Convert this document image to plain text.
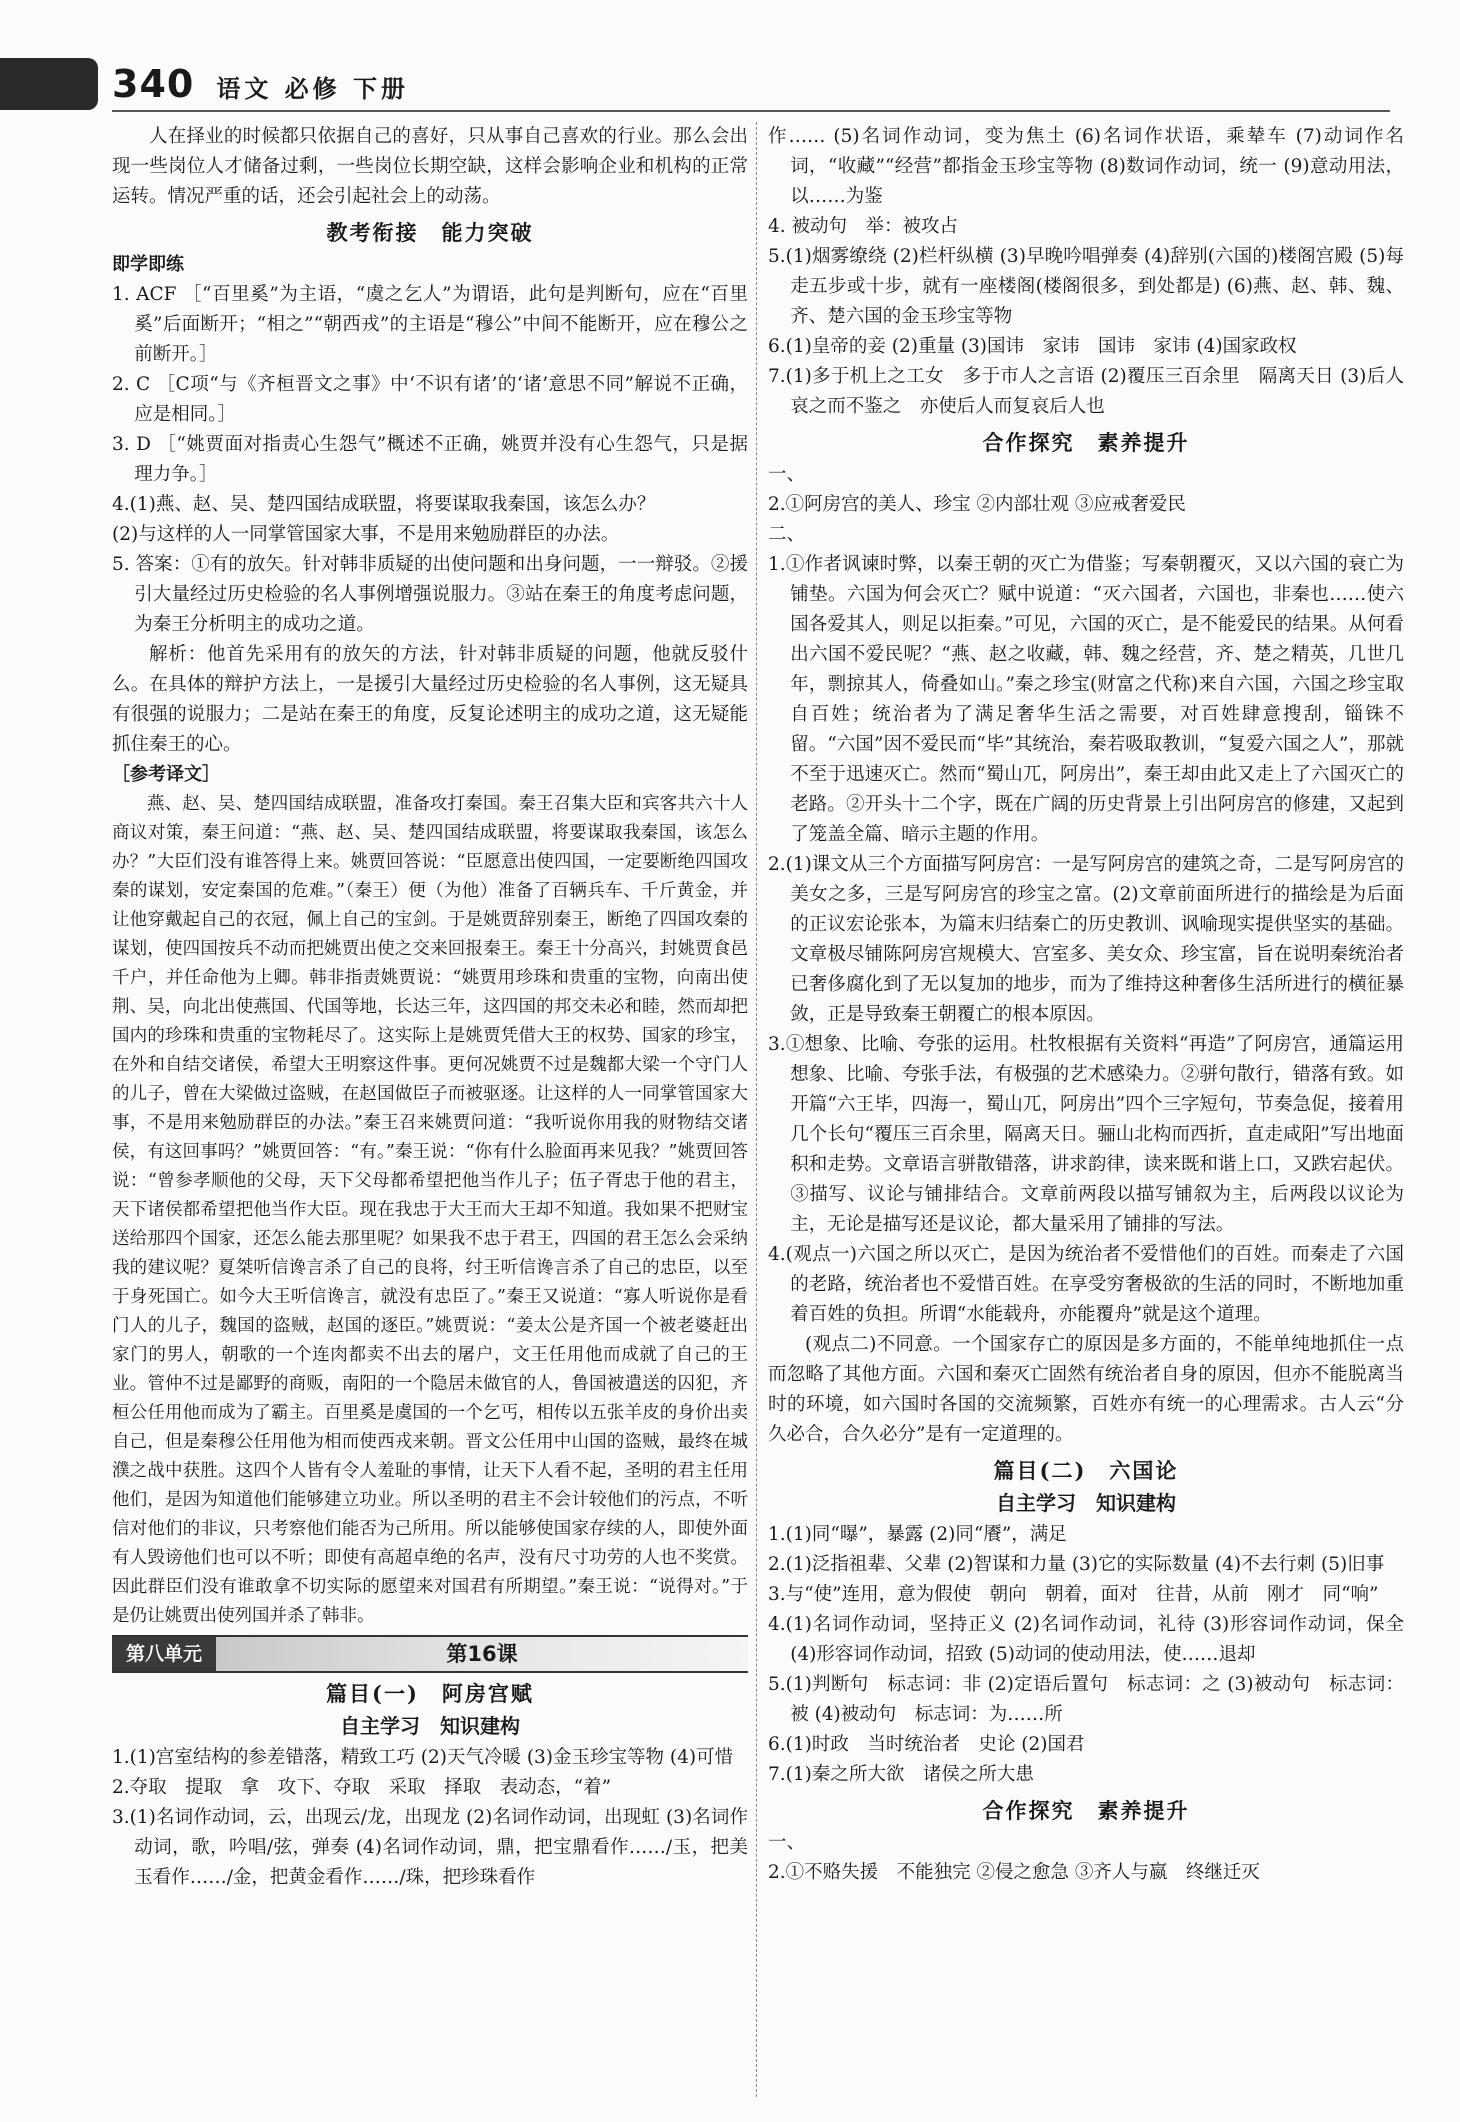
340 语文 必修 下册

人在择业的时候都只依据自己的喜好，只从事自己喜欢的行业。那么会出现一些岗位人才储备过剩，一些岗位长期空缺，这样会影响企业和机构的正常运转。情况严重的话，还会引起社会上的动荡。

教考衔接　能力突破

即学即练

1. ACF ［“百里奚”为主语，“虞之乞人”为谓语，此句是判断句，应在“百里奚”后面断开；“相之”“朝西戎”的主语是“穆公”中间不能断开，应在穆公之前断开。］

2. C ［C项“与《齐桓晋文之事》中‘不识有诸’的‘诸’意思不同”解说不正确，应是相同。］

3. D ［“姚贾面对指责心生怨气”概述不正确，姚贾并没有心生怨气，只是据理力争。］

4.(1)燕、赵、吴、楚四国结成联盟，将要谋取我秦国，该怎么办？

(2)与这样的人一同掌管国家大事，不是用来勉励群臣的办法。

5. 答案：①有的放矢。针对韩非质疑的出使问题和出身问题，一一辩驳。②援引大量经过历史检验的名人事例增强说服力。③站在秦王的角度考虑问题，为秦王分析明主的成功之道。

解析：他首先采用有的放矢的方法，针对韩非质疑的问题，他就反驳什么。在具体的辩护方法上，一是援引大量经过历史检验的名人事例，这无疑具有很强的说服力；二是站在秦王的角度，反复论述明主的成功之道，这无疑能抓住秦王的心。

［参考译文］

燕、赵、吴、楚四国结成联盟，准备攻打秦国。秦王召集大臣和宾客共六十人商议对策，秦王问道：“燕、赵、吴、楚四国结成联盟，将要谋取我秦国，该怎么办？”大臣们没有谁答得上来。姚贾回答说：“臣愿意出使四国，一定要断绝四国攻秦的谋划，安定秦国的危难。”（秦王）便（为他）准备了百辆兵车、千斤黄金，并让他穿戴起自己的衣冠，佩上自己的宝剑。于是姚贾辞别秦王，断绝了四国攻秦的谋划，使四国按兵不动而把姚贾出使之交来回报秦王。秦王十分高兴，封姚贾食邑千户，并任命他为上卿。韩非指责姚贾说：“姚贾用珍珠和贵重的宝物，向南出使荆、吴，向北出使燕国、代国等地，长达三年，这四国的邦交未必和睦，然而却把国内的珍珠和贵重的宝物耗尽了。这实际上是姚贾凭借大王的权势、国家的珍宝，在外和自结交诸侯，希望大王明察这件事。更何况姚贾不过是魏都大梁一个守门人的儿子，曾在大梁做过盗贼，在赵国做臣子而被驱逐。让这样的人一同掌管国家大事，不是用来勉励群臣的办法。”秦王召来姚贾问道：“我听说你用我的财物结交诸侯，有这回事吗？”姚贾回答：“有。”秦王说：“你有什么脸面再来见我？”姚贾回答说：“曾参孝顺他的父母，天下父母都希望把他当作儿子；伍子胥忠于他的君主，天下诸侯都希望把他当作大臣。现在我忠于大王而大王却不知道。我如果不把财宝送给那四个国家，还怎么能去那里呢？如果我不忠于君王，四国的君王怎么会采纳我的建议呢？夏桀听信谗言杀了自己的良将，纣王听信谗言杀了自己的忠臣，以至于身死国亡。如今大王听信谗言，就没有忠臣了。”秦王又说道：“寡人听说你是看门人的儿子，魏国的盗贼，赵国的逐臣。”姚贾说：“姜太公是齐国一个被老婆赶出家门的男人，朝歌的一个连肉都卖不出去的屠户，文王任用他而成就了自己的王业。管仲不过是鄙野的商贩，南阳的一个隐居未做官的人，鲁国被遣送的囚犯，齐桓公任用他而成为了霸主。百里奚是虞国的一个乞丐，相传以五张羊皮的身价出卖自己，但是秦穆公任用他为相而使西戎来朝。晋文公任用中山国的盗贼，最终在城濮之战中获胜。这四个人皆有令人羞耻的事情，让天下人看不起，圣明的君主任用他们，是因为知道他们能够建立功业。所以圣明的君主不会计较他们的污点，不听信对他们的非议，只考察他们能否为己所用。所以能够使国家存续的人，即使外面有人毁谤他们也可以不听；即使有高超卓绝的名声，没有尺寸功劳的人也不奖赏。因此群臣们没有谁敢拿不切实际的愿望来对国君有所期望。”秦王说：“说得对。”于是仍让姚贾出使列国并杀了韩非。

第八单元	第16课

篇目(一)　阿房宫赋

自主学习　知识建构

1.(1)宫室结构的参差错落，精致工巧 (2)天气冷暖 (3)金玉珍宝等物 (4)可惜

2.夺取　提取　拿　攻下、夺取　采取　择取　表动态，“着”

3.(1)名词作动词，云，出现云/龙，出现龙 (2)名词作动词，出现虹 (3)名词作动词，歌，吟唱/弦，弹奏 (4)名词作动词，鼎，把宝鼎看作……/玉，把美玉看作……/金，把黄金看作……/珠，把珍珠看作

作…… (5)名词作动词，变为焦土 (6)名词作状语，乘辇车 (7)动词作名词，“收藏”“经营”都指金玉珍宝等物 (8)数词作动词，统一 (9)意动用法，以……为鉴

4. 被动句　举：被攻占

5.(1)烟雾缭绕 (2)栏杆纵横 (3)早晚吟唱弹奏 (4)辞别(六国的)楼阁宫殿 (5)每走五步或十步，就有一座楼阁(楼阁很多，到处都是) (6)燕、赵、韩、魏、齐、楚六国的金玉珍宝等物

6.(1)皇帝的妾 (2)重量 (3)国讳　家讳　国讳　家讳 (4)国家政权

7.(1)多于机上之工女　多于市人之言语 (2)覆压三百余里　隔离天日 (3)后人哀之而不鉴之　亦使后人而复哀后人也

合作探究　素养提升

一、

2.①阿房宫的美人、珍宝 ②内部壮观 ③应戒奢爱民

二、

1.①作者讽谏时弊，以秦王朝的灭亡为借鉴；写秦朝覆灭，又以六国的衰亡为铺垫。六国为何会灭亡？赋中说道：“灭六国者，六国也，非秦也……使六国各爱其人，则足以拒秦。”可见，六国的灭亡，是不能爱民的结果。从何看出六国不爱民呢？“燕、赵之收藏，韩、魏之经营，齐、楚之精英，几世几年，剽掠其人，倚叠如山。”秦之珍宝(财富之代称)来自六国，六国之珍宝取自百姓；统治者为了满足奢华生活之需要，对百姓肆意搜刮，锱铢不留。“六国”因不爱民而“毕”其统治，秦若吸取教训，“复爱六国之人”，那就不至于迅速灭亡。然而“蜀山兀，阿房出”，秦王却由此又走上了六国灭亡的老路。②开头十二个字，既在广阔的历史背景上引出阿房宫的修建，又起到了笼盖全篇、暗示主题的作用。

2.(1)课文从三个方面描写阿房宫：一是写阿房宫的建筑之奇，二是写阿房宫的美女之多，三是写阿房宫的珍宝之富。(2)文章前面所进行的描绘是为后面的正议宏论张本，为篇末归结秦亡的历史教训、讽喻现实提供坚实的基础。文章极尽铺陈阿房宫规模大、宫室多、美女众、珍宝富，旨在说明秦统治者已奢侈腐化到了无以复加的地步，而为了维持这种奢侈生活所进行的横征暴敛，正是导致秦王朝覆亡的根本原因。

3.①想象、比喻、夸张的运用。杜牧根据有关资料“再造”了阿房宫，通篇运用想象、比喻、夸张手法，有极强的艺术感染力。②骈句散行，错落有致。如开篇“六王毕，四海一，蜀山兀，阿房出”四个三字短句，节奏急促，接着用几个长句“覆压三百余里，隔离天日。骊山北构而西折，直走咸阳”写出地面积和走势。文章语言骈散错落，讲求韵律，读来既和谐上口，又跌宕起伏。③描写、议论与铺排结合。文章前两段以描写铺叙为主，后两段以议论为主，无论是描写还是议论，都大量采用了铺排的写法。

4.(观点一)六国之所以灭亡，是因为统治者不爱惜他们的百姓。而秦走了六国的老路，统治者也不爱惜百姓。在享受穷奢极欲的生活的同时，不断地加重着百姓的负担。所谓“水能载舟，亦能覆舟”就是这个道理。

(观点二)不同意。一个国家存亡的原因是多方面的，不能单纯地抓住一点而忽略了其他方面。六国和秦灭亡固然有统治者自身的原因，但亦不能脱离当时的环境，如六国时各国的交流频繁，百姓亦有统一的心理需求。古人云“分久必合，合久必分”是有一定道理的。

篇目(二)　六国论

自主学习　知识建构

1.(1)同“曝”，暴露 (2)同“餍”，满足

2.(1)泛指祖辈、父辈 (2)智谋和力量 (3)它的实际数量 (4)不去行刺 (5)旧事

3.与“使”连用，意为假使　朝向　朝着，面对　往昔，从前　刚才　同“响”

4.(1)名词作动词，坚持正义 (2)名词作动词，礼待 (3)形容词作动词，保全 (4)形容词作动词，招致 (5)动词的使动用法，使……退却

5.(1)判断句　标志词：非 (2)定语后置句　标志词：之 (3)被动句　标志词：被 (4)被动句　标志词：为……所

6.(1)时政　当时统治者　史论 (2)国君

7.(1)秦之所大欲　诸侯之所大患

合作探究　素养提升

一、

2.①不赂失援　不能独完 ②侵之愈急 ③齐人与嬴　终继迁灭
